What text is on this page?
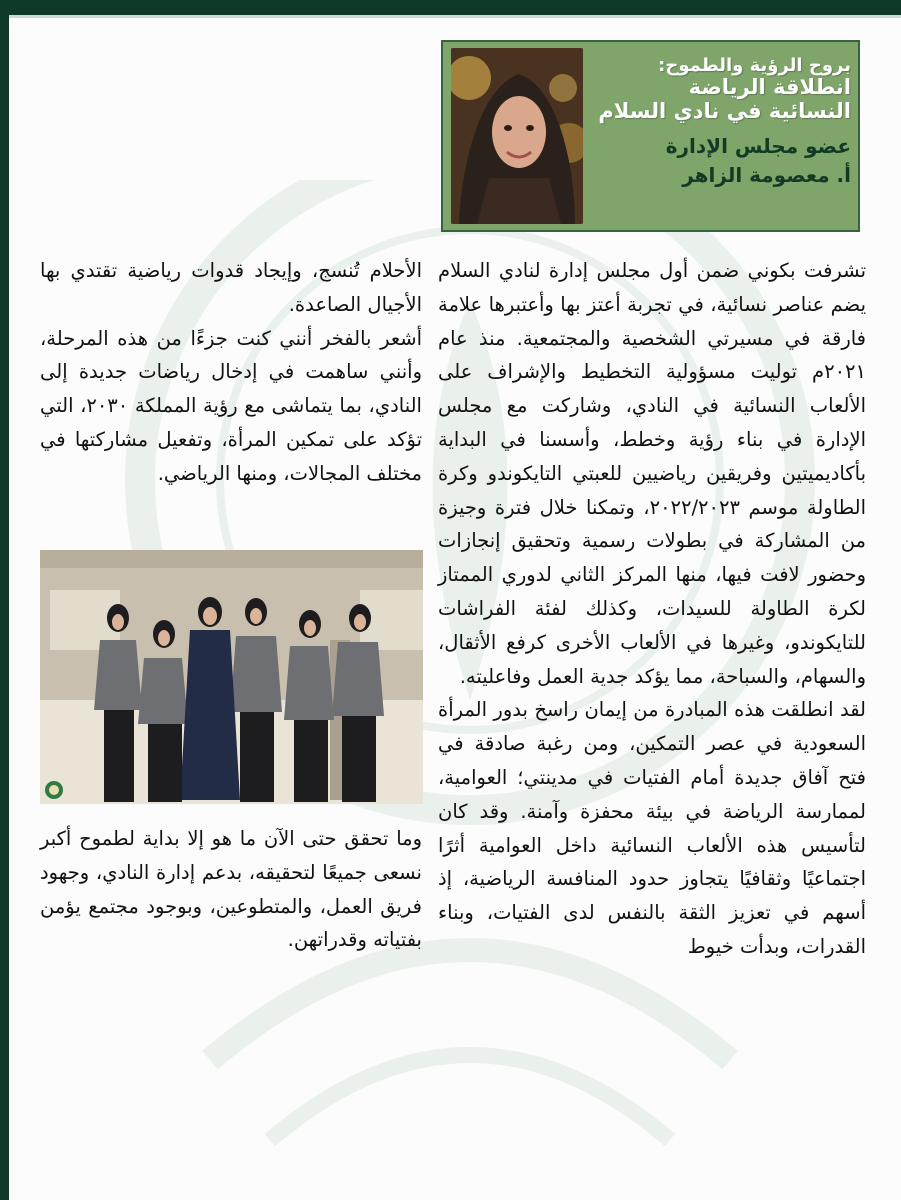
بروح الرؤية والطموح:
انطلاقة الرياضة
النسائية في نادي السلام
عضو مجلس الإدارة
أ. معصومة الزاهر

تشرفت بكوني ضمن أول مجلس إدارة لنادي السلام يضم عناصر نسائية، في تجربة أعتز بها وأعتبرها علامة فارقة في مسيرتي الشخصية والمجتمعية. منذ عام ٢٠٢١م توليت مسؤولية التخطيط والإشراف على الألعاب النسائية في النادي، وشاركت مع مجلس الإدارة في بناء رؤية وخطط، وأسسنا في البداية بأكاديميتين وفريقين رياضيين للعبتي التايكوندو وكرة الطاولة موسم ٢٠٢٢/٢٠٢٣، وتمكنا خلال فترة وجيزة من المشاركة في بطولات رسمية وتحقيق إنجازات وحضور لافت فيها، منها المركز الثاني لدوري الممتاز لكرة الطاولة للسيدات، وكذلك لفئة الفراشات للتايكوندو، وغيرها في الألعاب الأخرى كرفع الأثقال، والسهام، والسباحة، مما يؤكد جدية العمل وفاعليته.

لقد انطلقت هذه المبادرة من إيمان راسخ بدور المرأة السعودية في عصر التمكين، ومن رغبة صادقة في فتح آفاق جديدة أمام الفتيات في مدينتي؛ العوامية، لممارسة الرياضة في بيئة محفزة وآمنة. وقد كان لتأسيس هذه الألعاب النسائية داخل العوامية أثرًا اجتماعيًا وثقافيًا يتجاوز حدود المنافسة الرياضية، إذ أسهم في تعزيز الثقة بالنفس لدى الفتيات، وبناء القدرات، وبدأت خيوط

الأحلام تُنسج، وإيجاد قدوات رياضية تقتدي بها الأجيال الصاعدة.

أشعر بالفخر أنني كنت جزءًا من هذه المرحلة، وأنني ساهمت في إدخال رياضات جديدة إلى النادي، بما يتماشى مع رؤية المملكة ٢٠٣٠، التي تؤكد على تمكين المرأة، وتفعيل مشاركتها في مختلف المجالات، ومنها الرياضي.

وما تحقق حتى الآن ما هو إلا بداية لطموح أكبر نسعى جميعًا لتحقيقه، بدعم إدارة النادي، وجهود فريق العمل، والمتطوعين، وبوجود مجتمع يؤمن بفتياته وقدراتهن.
